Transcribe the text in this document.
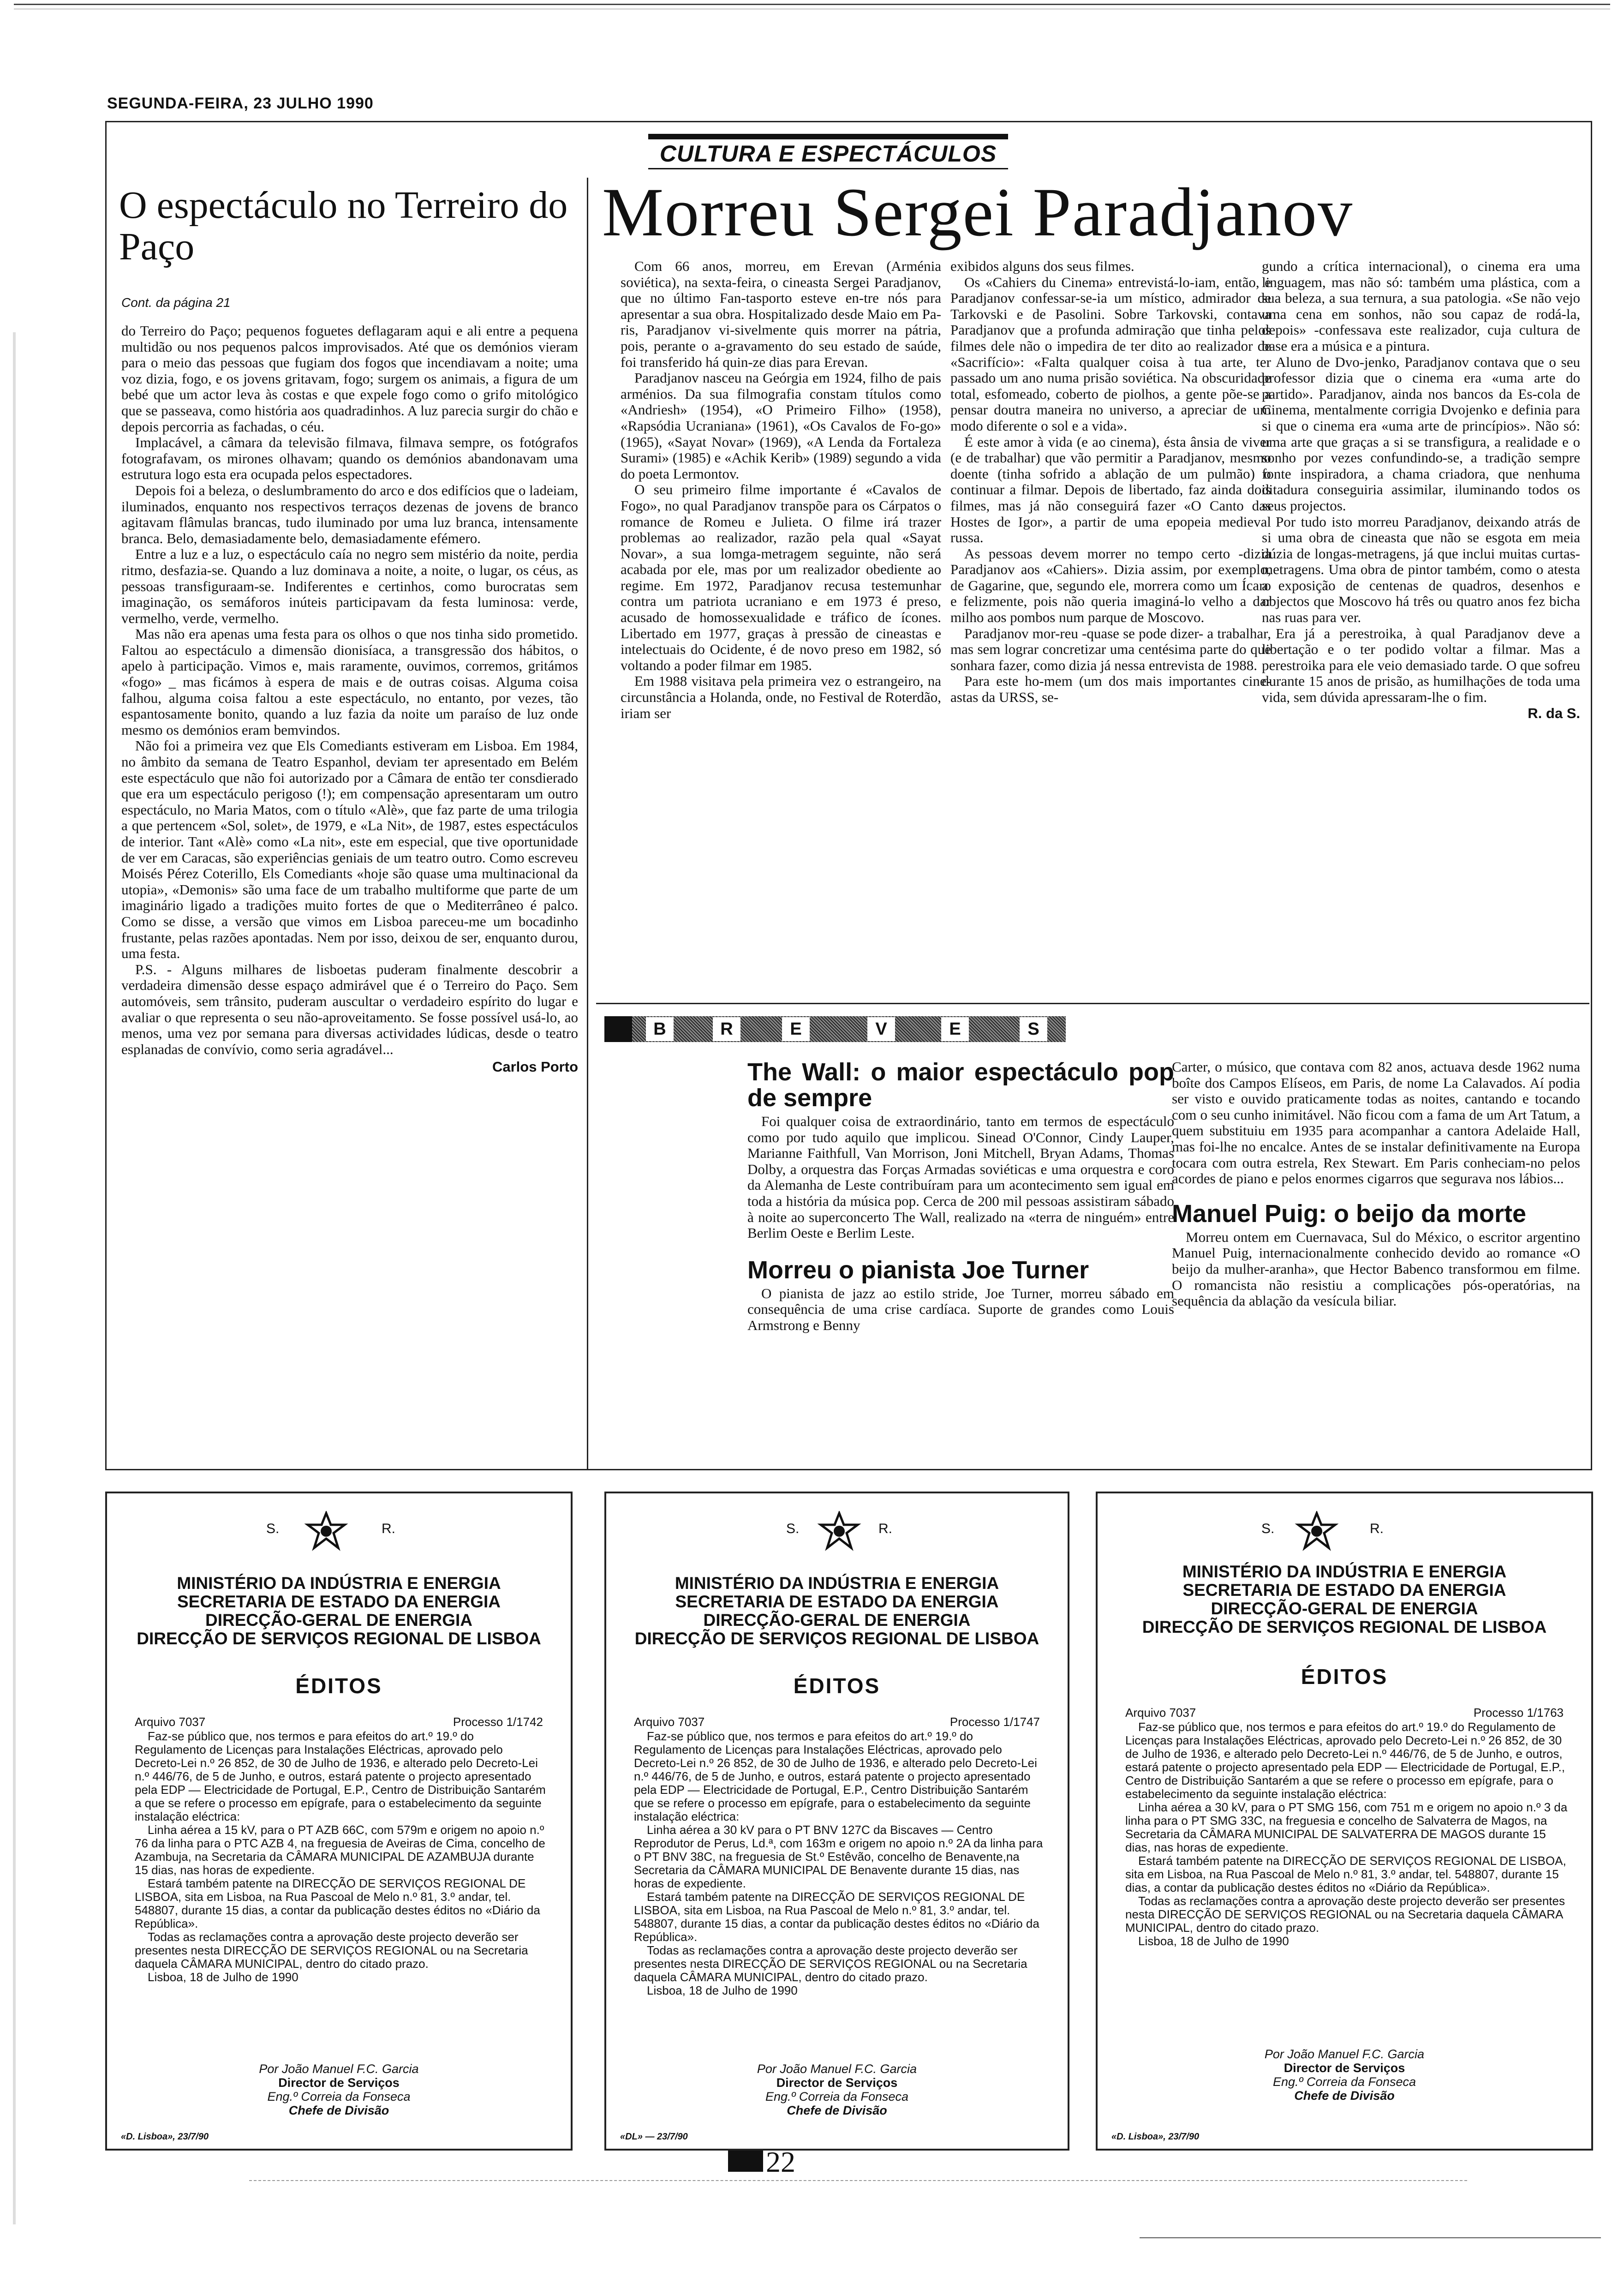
SEGUNDA-FEIRA, 23 JULHO 1990
CULTURA E ESPECTÁCULOS
O espectáculo no Terreiro do Paço
Cont. da página 21

do Terreiro do Paço; pequenos foguetes deflagaram aqui e ali entre a pequena multidão ou nos pequenos palcos improvisados. Até que os demónios vieram para o meio das pessoas que fugiam dos fogos que incendiavam a noite; uma voz dizia, fogo, e os jovens gritavam, fogo; surgem os animais, a figura de um bebé que um actor leva às costas e que expele fogo como o grifo mitológico que se passeava, como história aos quadradinhos. A luz parecia surgir do chão e depois percorria as fachadas, o céu.

Implacável, a câmara da televisão filmava, filmava sempre, os fotógrafos fotografavam, os mirones olhavam; quando os demónios abandonavam uma estrutura logo esta era ocupada pelos espectadores.

Depois foi a beleza, o deslumbramento do arco e dos edifícios que o ladeiam, iluminados, enquanto nos respectivos terraços dezenas de jovens de branco agitavam flâmulas brancas, tudo iluminado por uma luz branca, intensamente branca. Belo, demasiadamente belo, demasiadamente efémero.

Entre a luz e a luz, o espectáculo caía no negro sem mistério da noite, perdia ritmo, desfazia-se. Quando a luz dominava a noite, a noite, o lugar, os céus, as pessoas transfiguraam-se. Indiferentes e certinhos, como burocratas sem imaginação, os semáforos inúteis participavam da festa luminosa: verde, vermelho, verde, vermelho.

Mas não era apenas uma festa para os olhos o que nos tinha sido prometido. Faltou ao espectáculo a dimensão dionisíaca, a transgressão dos hábitos, o apelo à participação. Vimos e, mais raramente, ouvimos, corremos, gritámos «fogo» _ mas ficámos à espera de mais e de outras coisas. Alguma coisa falhou, alguma coisa faltou a este espectáculo, no entanto, por vezes, tão espantosamente bonito, quando a luz fazia da noite um paraíso de luz onde mesmo os demónios eram bemvindos.

Não foi a primeira vez que Els Comediants estiveram em Lisboa. Em 1984, no âmbito da semana de Teatro Espanhol, deviam ter apresentado em Belém este espectáculo que não foi autorizado por a Câmara de então ter consdierado que era um espectáculo perigoso (!); em compensação apresentaram um outro espectáculo, no Maria Matos, com o título «Alè», que faz parte de uma trilogia a que pertencem «Sol, solet», de 1979, e «La Nit», de 1987, estes espectáculos de interior. Tant «Alè» como «La nit», este em especial, que tive oportunidade de ver em Caracas, são experiências geniais de um teatro outro. Como escreveu Moisés Pérez Coterillo, Els Comediants «hoje são quase uma multinacional da utopia», «Demonis» são uma face de um trabalho multiforme que parte de um imaginário ligado a tradições muito fortes de que o Mediterrâneo é palco. Como se disse, a versão que vimos em Lisboa pareceu-me um bocadinho frustante, pelas razões apontadas. Nem por isso, deixou de ser, enquanto durou, uma festa.

P.S. - Alguns milhares de lisboetas puderam finalmente descobrir a verdadeira dimensão desse espaço admirável que é o Terreiro do Paço. Sem automóveis, sem trânsito, puderam auscultar o verdadeiro espírito do lugar e avaliar o que representa o seu não-aproveitamento. Se fosse possível usá-lo, ao menos, uma vez por semana para diversas actividades lúdicas, desde o teatro esplanadas de convívio, como seria agradável...

Carlos Porto
Morreu Sergei Paradjanov

Com 66 anos, morreu, em Erevan (Arménia soviética), na sexta-feira, o cineasta Sergei Paradjanov, que no último Fan-tasporto esteve en-tre nós para apresentar a sua obra. Hospitalizado desde Maio em Pa-ris, Paradjanov vi-sivelmente quis morrer na pátria, pois, perante o a-gravamento do seu estado de saúde, foi transferido há quin-ze dias para Erevan.

Paradjanov nasceu na Geórgia em 1924, filho de pais arménios. Da sua filmografia constam títulos como «Andriesh» (1954), «O Primeiro Filho» (1958), «Rapsódia Ucraniana» (1961), «Os Cavalos de Fo-go» (1965), «Sayat Novar» (1969), «A Lenda da Fortaleza Surami» (1985) e «Achik Kerib» (1989) segundo a vida do poeta Lermontov.

O seu primeiro filme importante é «Cavalos de Fogo», no qual Paradjanov transpõe para os Cárpatos o romance de Romeu e Julieta. O filme irá trazer problemas ao realizador, razão pela qual «Sayat Novar», a sua lomga-metragem seguinte, não será acabada por ele, mas por um realizador obediente ao regime. Em 1972, Paradjanov recusa testemunhar contra um patriota ucraniano e em 1973 é preso, acusado de homossexualidade e tráfico de ícones. Libertado em 1977, graças à pressão de cineastas e intelectuais do Ocidente, é de novo preso em 1982, só voltando a poder filmar em 1985.

Em 1988 visitava pela primeira vez o estrangeiro, na circunstância a Holanda, onde, no Festival de Roterdão, iriam ser

exibidos alguns dos seus filmes.

Os «Cahiers du Cinema» entrevistá-lo-iam, então, e Paradjanov confessar-se-ia um místico, admirador de Tarkovski e de Pasolini. Sobre Tarkovski, contava Paradjanov que a profunda admiração que tinha pelos filmes dele não o impedira de ter dito ao realizador de «Sacrifício»: «Falta qualquer coisa à tua arte, ter passado um ano numa prisão soviética. Na obscuridade total, esfomeado, coberto de piolhos, a gente põe-se a pensar doutra maneira no universo, a apreciar de um modo diferente o sol e a vida».

É este amor à vida (e ao cinema), ésta ânsia de viver (e de trabalhar) que vão permitir a Paradjanov, mesmo doente (tinha sofrido a ablação de um pulmão) o continuar a filmar. Depois de libertado, faz ainda dois filmes, mas já não conseguirá fazer «O Canto das Hostes de Igor», a partir de uma epopeia medieval russa.

As pessoas devem morrer no tempo certo -dizia Paradjanov aos «Cahiers». Dizia assim, por exemplo, de Gagarine, que, segundo ele, morrera como um Ícaro e felizmente, pois não queria imaginá-lo velho a dar milho aos pombos num parque de Moscovo.

Paradjanov mor-reu -quase se pode dizer- a trabalhar, mas sem lograr concretizar uma centésima parte do que sonhara fazer, como dizia já nessa entrevista de 1988.

Para este ho-mem (um dos mais importantes cine-astas da URSS, se-

gundo a crítica internacional), o cinema era uma linguagem, mas não só: também uma plástica, com a sua beleza, a sua ternura, a sua patologia. «Se não vejo uma cena em sonhos, não sou capaz de rodá-la, depois» -confessava este realizador, cuja cultura de base era a música e a pintura.

Aluno de Dvo-jenko, Paradjanov contava que o seu professor dizia que o cinema era «uma arte do partido». Paradjanov, ainda nos bancos da Es-cola de Cinema, mentalmente corrigia Dvojenko e definia para si que o cinema era «uma arte de princípios». Não só: uma arte que graças a si se transfigura, a realidade e o sonho por vezes confundindo-se, a tradição sempre fonte inspiradora, a chama criadora, que nenhuma ditadura conseguiria assimilar, iluminando todos os seus projectos.

Por tudo isto morreu Paradjanov, deixando atrás de si uma obra de cineasta que não se esgota em meia dúzia de longas-metragens, já que inclui muitas curtas-metragens. Uma obra de pintor também, como o atesta a exposição de centenas de quadros, desenhos e objectos que Moscovo há três ou quatro anos fez bicha nas ruas para ver.

Era já a perestroika, à qual Paradjanov deve a libertação e o ter podido voltar a filmar. Mas a perestroika para ele veio demasiado tarde. O que sofreu durante 15 anos de prisão, as humilhações de toda uma vida, sem dúvida apressaram-lhe o fim.

R. da S.
B	R	E	V	E	S
The Wall: o maior espectáculo pop de sempre

Foi qualquer coisa de extraordinário, tanto em termos de espectáculo como por tudo aquilo que implicou. Sinead O'Connor, Cindy Lauper, Marianne Faithfull, Van Morrison, Joni Mitchell, Bryan Adams, Thomas Dolby, a orquestra das Forças Armadas soviéticas e uma orquestra e coro da Alemanha de Leste contribuíram para um acontecimento sem igual em toda a história da música pop. Cerca de 200 mil pessoas assistiram sábado à noite ao superconcerto The Wall, realizado na «terra de ninguém» entre Berlim Oeste e Berlim Leste.

Morreu o pianista Joe Turner

O pianista de jazz ao estilo stride, Joe Turner, morreu sábado em consequência de uma crise cardíaca. Suporte de grandes como Louis Armstrong e Benny

Carter, o músico, que contava com 82 anos, actuava desde 1962 numa boîte dos Campos Elíseos, em Paris, de nome La Calavados. Aí podia ser visto e ouvido praticamente todas as noites, cantando e tocando com o seu cunho inimitável. Não ficou com a fama de um Art Tatum, a quem substituiu em 1935 para acompanhar a cantora Adelaide Hall, mas foi-lhe no encalce. Antes de se instalar definitivamente na Europa tocara com outra estrela, Rex Stewart. Em Paris conheciam-no pelos acordes de piano e pelos enormes cigarros que segurava nos lábios...

Manuel Puig: o beijo da morte

Morreu ontem em Cuernavaca, Sul do México, o escritor argentino Manuel Puig, internacionalmente conhecido devido ao romance «O beijo da mulher-aranha», que Hector Babenco transformou em filme. O romancista não resistiu a complicações pós-operatórias, na sequência da ablação da vesícula biliar.

S.	R.
MINISTÉRIO DA INDÚSTRIA E ENERGIA
SECRETARIA DE ESTADO DA ENERGIA
DIRECÇÃO-GERAL DE ENERGIA
DIRECÇÃO DE SERVIÇOS REGIONAL DE LISBOA
ÉDITOS
Arquivo 7037	Processo 1/1742

Faz-se público que, nos termos e para efeitos do art.º 19.º do Regulamento de Licenças para Instalações Eléctricas, aprovado pelo Decreto-Lei n.º 26 852, de 30 de Julho de 1936, e alterado pelo Decreto-Lei n.º 446/76, de 5 de Junho, e outros, estará patente o projecto apresentado pela EDP — Electricidade de Portugal, E.P., Centro de Distribuição Santarém a que se refere o processo em epígrafe, para o estabelecimento da seguinte instalação eléctrica:

Linha aérea a 15 kV, para o PT AZB 66C, com 579m e origem no apoio n.º 76 da linha para o PTC AZB 4, na freguesia de Aveiras de Cima, concelho de Azambuja, na Secretaria da CÂMARA MUNICIPAL DE AZAMBUJA durante 15 dias, nas horas de expediente.

Estará também patente na DIRECÇÃO DE SERVIÇOS REGIONAL DE LISBOA, sita em Lisboa, na Rua Pascoal de Melo n.º 81, 3.º andar, tel. 548807, durante 15 dias, a contar da publicação destes éditos no «Diário da República».

Todas as reclamações contra a aprovação deste projecto deverão ser presentes nesta DIRECÇÃO DE SERVIÇOS REGIONAL ou na Secretaria daquela CÂMARA MUNICIPAL, dentro do citado prazo.

Lisboa, 18 de Julho de 1990

Por João Manuel F.C. Garcia
Director de Serviços
Eng.º Correia da Fonseca
Chefe de Divisão
«D. Lisboa», 23/7/90
S.	R.
MINISTÉRIO DA INDÚSTRIA E ENERGIA
SECRETARIA DE ESTADO DA ENERGIA
DIRECÇÃO-GERAL DE ENERGIA
DIRECÇÃO DE SERVIÇOS REGIONAL DE LISBOA
ÉDITOS
Arquivo 7037	Processo 1/1747

Faz-se público que, nos termos e para efeitos do art.º 19.º do Regulamento de Licenças para Instalações Eléctricas, aprovado pelo Decreto-Lei n.º 26 852, de 30 de Julho de 1936, e alterado pelo Decreto-Lei n.º 446/76, de 5 de Junho, e outros, estará patente o projecto apresentado pela EDP — Electricidade de Portugal, E.P., Centro Distribuição Santarém que se refere o processo em epígrafe, para o estabelecimento da seguinte instalação eléctrica:

Linha aérea a 30 kV para o PT BNV 127C da Biscaves — Centro Reprodutor de Perus, Ld.ª, com 163m e origem no apoio n.º 2A da linha para o PT BNV 38C, na freguesia de St.º Estêvão, concelho de Benavente,na Secretaria da CÂMARA MUNICIPAL DE Benavente durante 15 dias, nas horas de expediente.

Estará também patente na DIRECÇÃO DE SERVIÇOS REGIONAL DE LISBOA, sita em Lisboa, na Rua Pascoal de Melo n.º 81, 3.º andar, tel. 548807, durante 15 dias, a contar da publicação destes éditos no «Diário da República».

Todas as reclamações contra a aprovação deste projecto deverão ser presentes nesta DIRECÇÃO DE SERVIÇOS REGIONAL ou na Secretaria daquela CÂMARA MUNICIPAL, dentro do citado prazo.

Lisboa, 18 de Julho de 1990

Por João Manuel F.C. Garcia
Director de Serviços
Eng.º Correia da Fonseca
Chefe de Divisão
«DL» — 23/7/90
S.	R.
MINISTÉRIO DA INDÚSTRIA E ENERGIA
SECRETARIA DE ESTADO DA ENERGIA
DIRECÇÃO-GERAL DE ENERGIA
DIRECÇÃO DE SERVIÇOS REGIONAL DE LISBOA
ÉDITOS
Arquivo 7037	Processo 1/1763

Faz-se público que, nos termos e para efeitos do art.º 19.º do Regulamento de Licenças para Instalações Eléctricas, aprovado pelo Decreto-Lei n.º 26 852, de 30 de Julho de 1936, e alterado pelo Decreto-Lei n.º 446/76, de 5 de Junho, e outros, estará patente o projecto apresentado pela EDP — Electricidade de Portugal, E.P., Centro de Distribuição Santarém a que se refere o processo em epígrafe, para o estabelecimento da seguinte instalação eléctrica:

Linha aérea a 30 kV, para o PT SMG 156, com 751 m e origem no apoio n.º 3 da linha para o PT SMG 33C, na freguesia e concelho de Salvaterra de Magos, na Secretaria da CÂMARA MUNICIPAL DE SALVATERRA DE MAGOS durante 15 dias, nas horas de expediente.

Estará também patente na DIRECÇÃO DE SERVIÇOS REGIONAL DE LISBOA, sita em Lisboa, na Rua Pascoal de Melo n.º 81, 3.º andar, tel. 548807, durante 15 dias, a contar da publicação destes éditos no «Diário da República».

Todas as reclamações contra a aprovação deste projecto deverão ser presentes nesta DIRECÇÃO DE SERVIÇOS REGIONAL ou na Secretaria daquela CÂMARA MUNICIPAL, dentro do citado prazo.

Lisboa, 18 de Julho de 1990

Por João Manuel F.C. Garcia
Director de Serviços
Eng.º Correia da Fonseca
Chefe de Divisão
«D. Lisboa», 23/7/90
22
